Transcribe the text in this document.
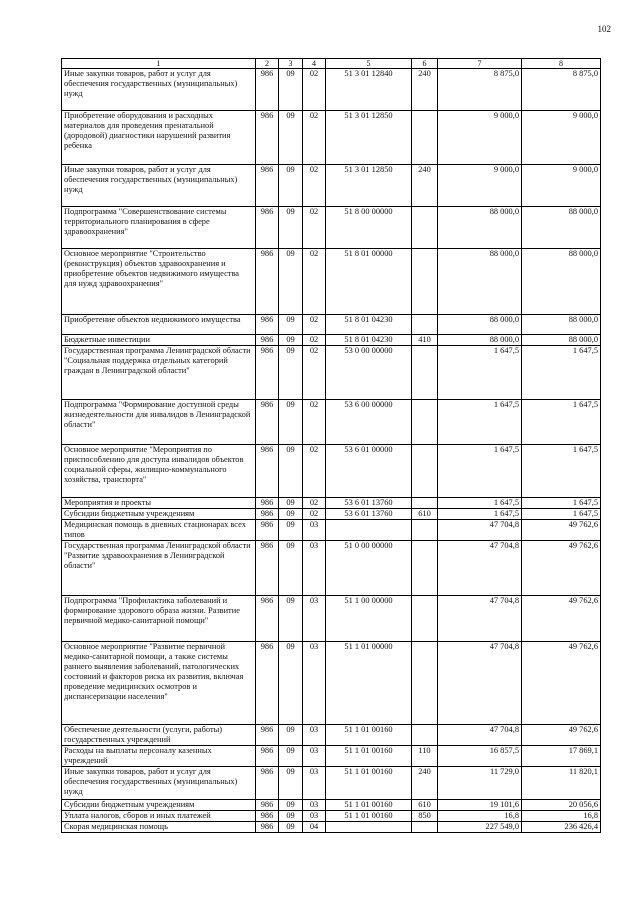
102
1	2	3	4	5	6	7	8
Иные закупки товаров, работ и услуг для обеспечения государственных (муниципальных) нужд	986	09	02	51 3 01 12840	240	8 875,0	8 875,0
Приобретение оборудования и расходных материалов для проведения пренатальной (дородовой) диагностики нарушений развития ребенка	986	09	02	51 3 01 12850		9 000,0	9 000,0
Иные закупки товаров, работ и услуг для обеспечения государственных (муниципальных) нужд	986	09	02	51 3 01 12850	240	9 000,0	9 000,0
Подпрограмма "Совершенствование системы территориального планирования в сфере здравоохранения"	986	09	02	51 8 00 00000		88 000,0	88 000,0
Основное мероприятие "Строительство (реконструкция) объектов здравоохранения и приобретение объектов недвижимого имущества для нужд здравоохранения"	986	09	02	51 8 01 00000		88 000,0	88 000,0
Приобретение объектов недвижимого имущества	986	09	02	51 8 01 04230		88 000,0	88 000,0
Бюджетные инвестиции	986	09	02	51 8 01 04230	410	88 000,0	88 000,0
Государственная программа Ленинградской области "Социальная поддержка отдельных категорий граждан в Ленинградской области"	986	09	02	53 0 00 00000		1 647,5	1 647,5
Подпрограмма "Формирование доступной среды жизнедеятельности для инвалидов в Ленинградской области"	986	09	02	53 6 00 00000		1 647,5	1 647,5
Основное мероприятие "Мероприятия по приспособлению для доступа инвалидов объектов социальной сферы, жилищно-коммунального хозяйства, транспорта"	986	09	02	53 6 01 00000		1 647,5	1 647,5
Мероприятия и проекты	986	09	02	53 6 01 13760		1 647,5	1 647,5
Субсидии бюджетным учреждениям	986	09	02	53 6 01 13760	610	1 647,5	1 647,5
Медицинская помощь в дневных стационарах всех типов	986	09	03			47 704,8	49 762,6
Государственная программа Ленинградской области "Развитие здравоохранения в Ленинградской области"	986	09	03	51 0 00 00000		47 704,8	49 762,6
Подпрограмма "Профилактика заболеваний и формирование здорового образа жизни. Развитие первичной медико-санитарной помощи"	986	09	03	51 1 00 00000		47 704,8	49 762,6
Основное мероприятие "Развитие первичной медико-санитарной помощи, а также системы раннего выявления заболеваний, патологических состояний и факторов риска их развития, включая проведение медицинских осмотров и диспансеризации населения"	986	09	03	51 1 01 00000		47 704,8	49 762,6
Обеспечение деятельности (услуги, работы) государственных учреждений	986	09	03	51 1 01 00160		47 704,8	49 762,6
Расходы на выплаты персоналу казенных учреждений	986	09	03	51 1 01 00160	110	16 857,5	17 869,1
Иные закупки товаров, работ и услуг для обеспечения государственных (муниципальных) нужд	986	09	03	51 1 01 00160	240	11 729,0	11 820,1
Субсидии бюджетным учреждениям	986	09	03	51 1 01 00160	610	19 101,6	20 056,6
Уплата налогов, сборов и иных платежей	986	09	03	51 1 01 00160	850	16,8	16,8
Скорая медицинская помощь	986	09	04			227 549,0	236 426,4
